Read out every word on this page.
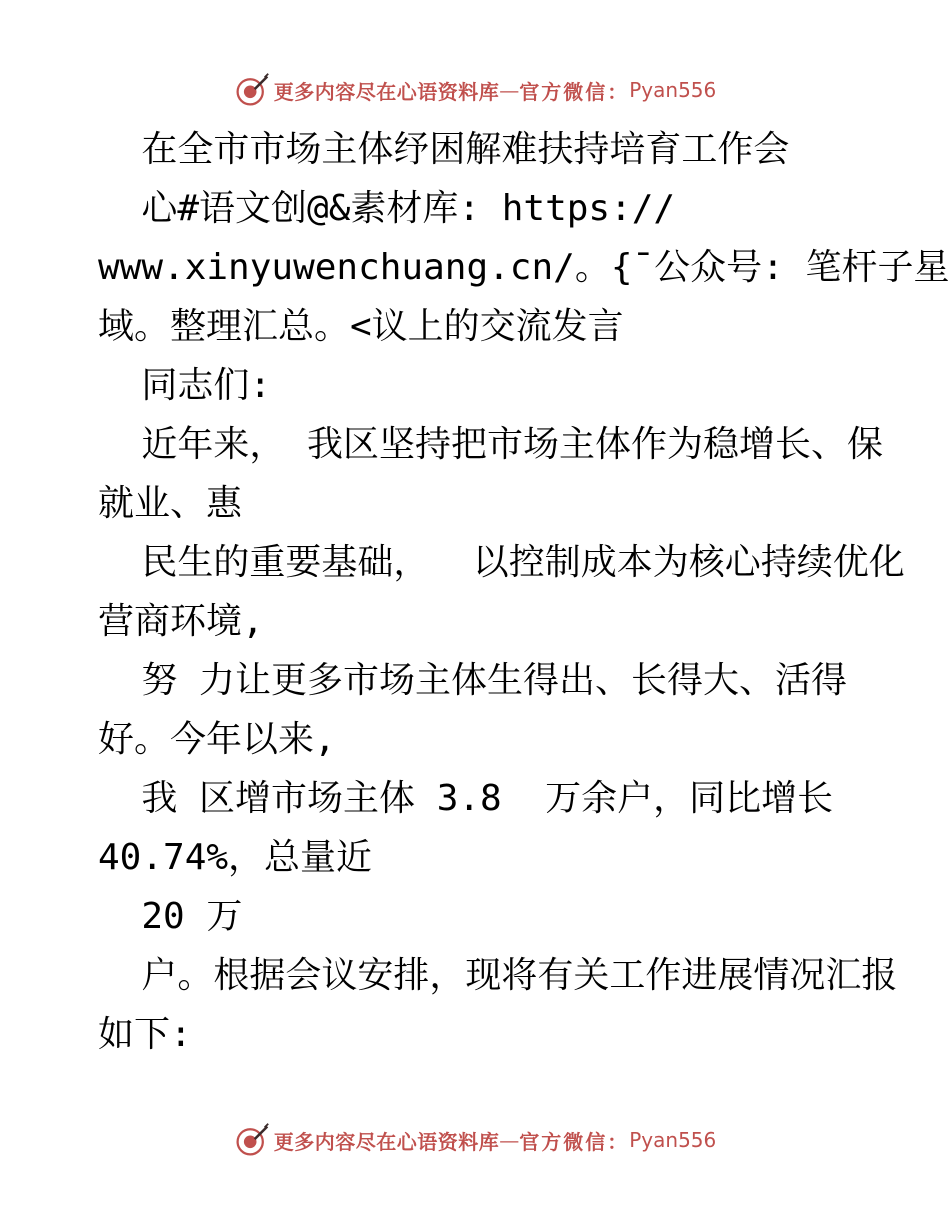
更多内容尽在心语资料库 — 官方微信： Pyan556
在全市市场主体纾困解难扶持培育工作会
心#语文创@&素材库: https://
www.xinyuwenchuang.cn/。{¯公众号: 笔杆子星
域。整理汇总。<议上的交流发言
同志们:
近年来， 我区坚持把市场主体作为稳增长、保
就业、惠
民生的重要基础，  以控制成本为核心持续优化
营商环境,
努 力让更多市场主体生得出、长得大、活得
好。今年以来,
我 区增市场主体 3.8  万余户，同比增长
40.74%，总量近
20 万
户。根据会议安排，现将有关工作进展情况汇报
如下:
更多内容尽在心语资料库 — 官方微信： Pyan556
